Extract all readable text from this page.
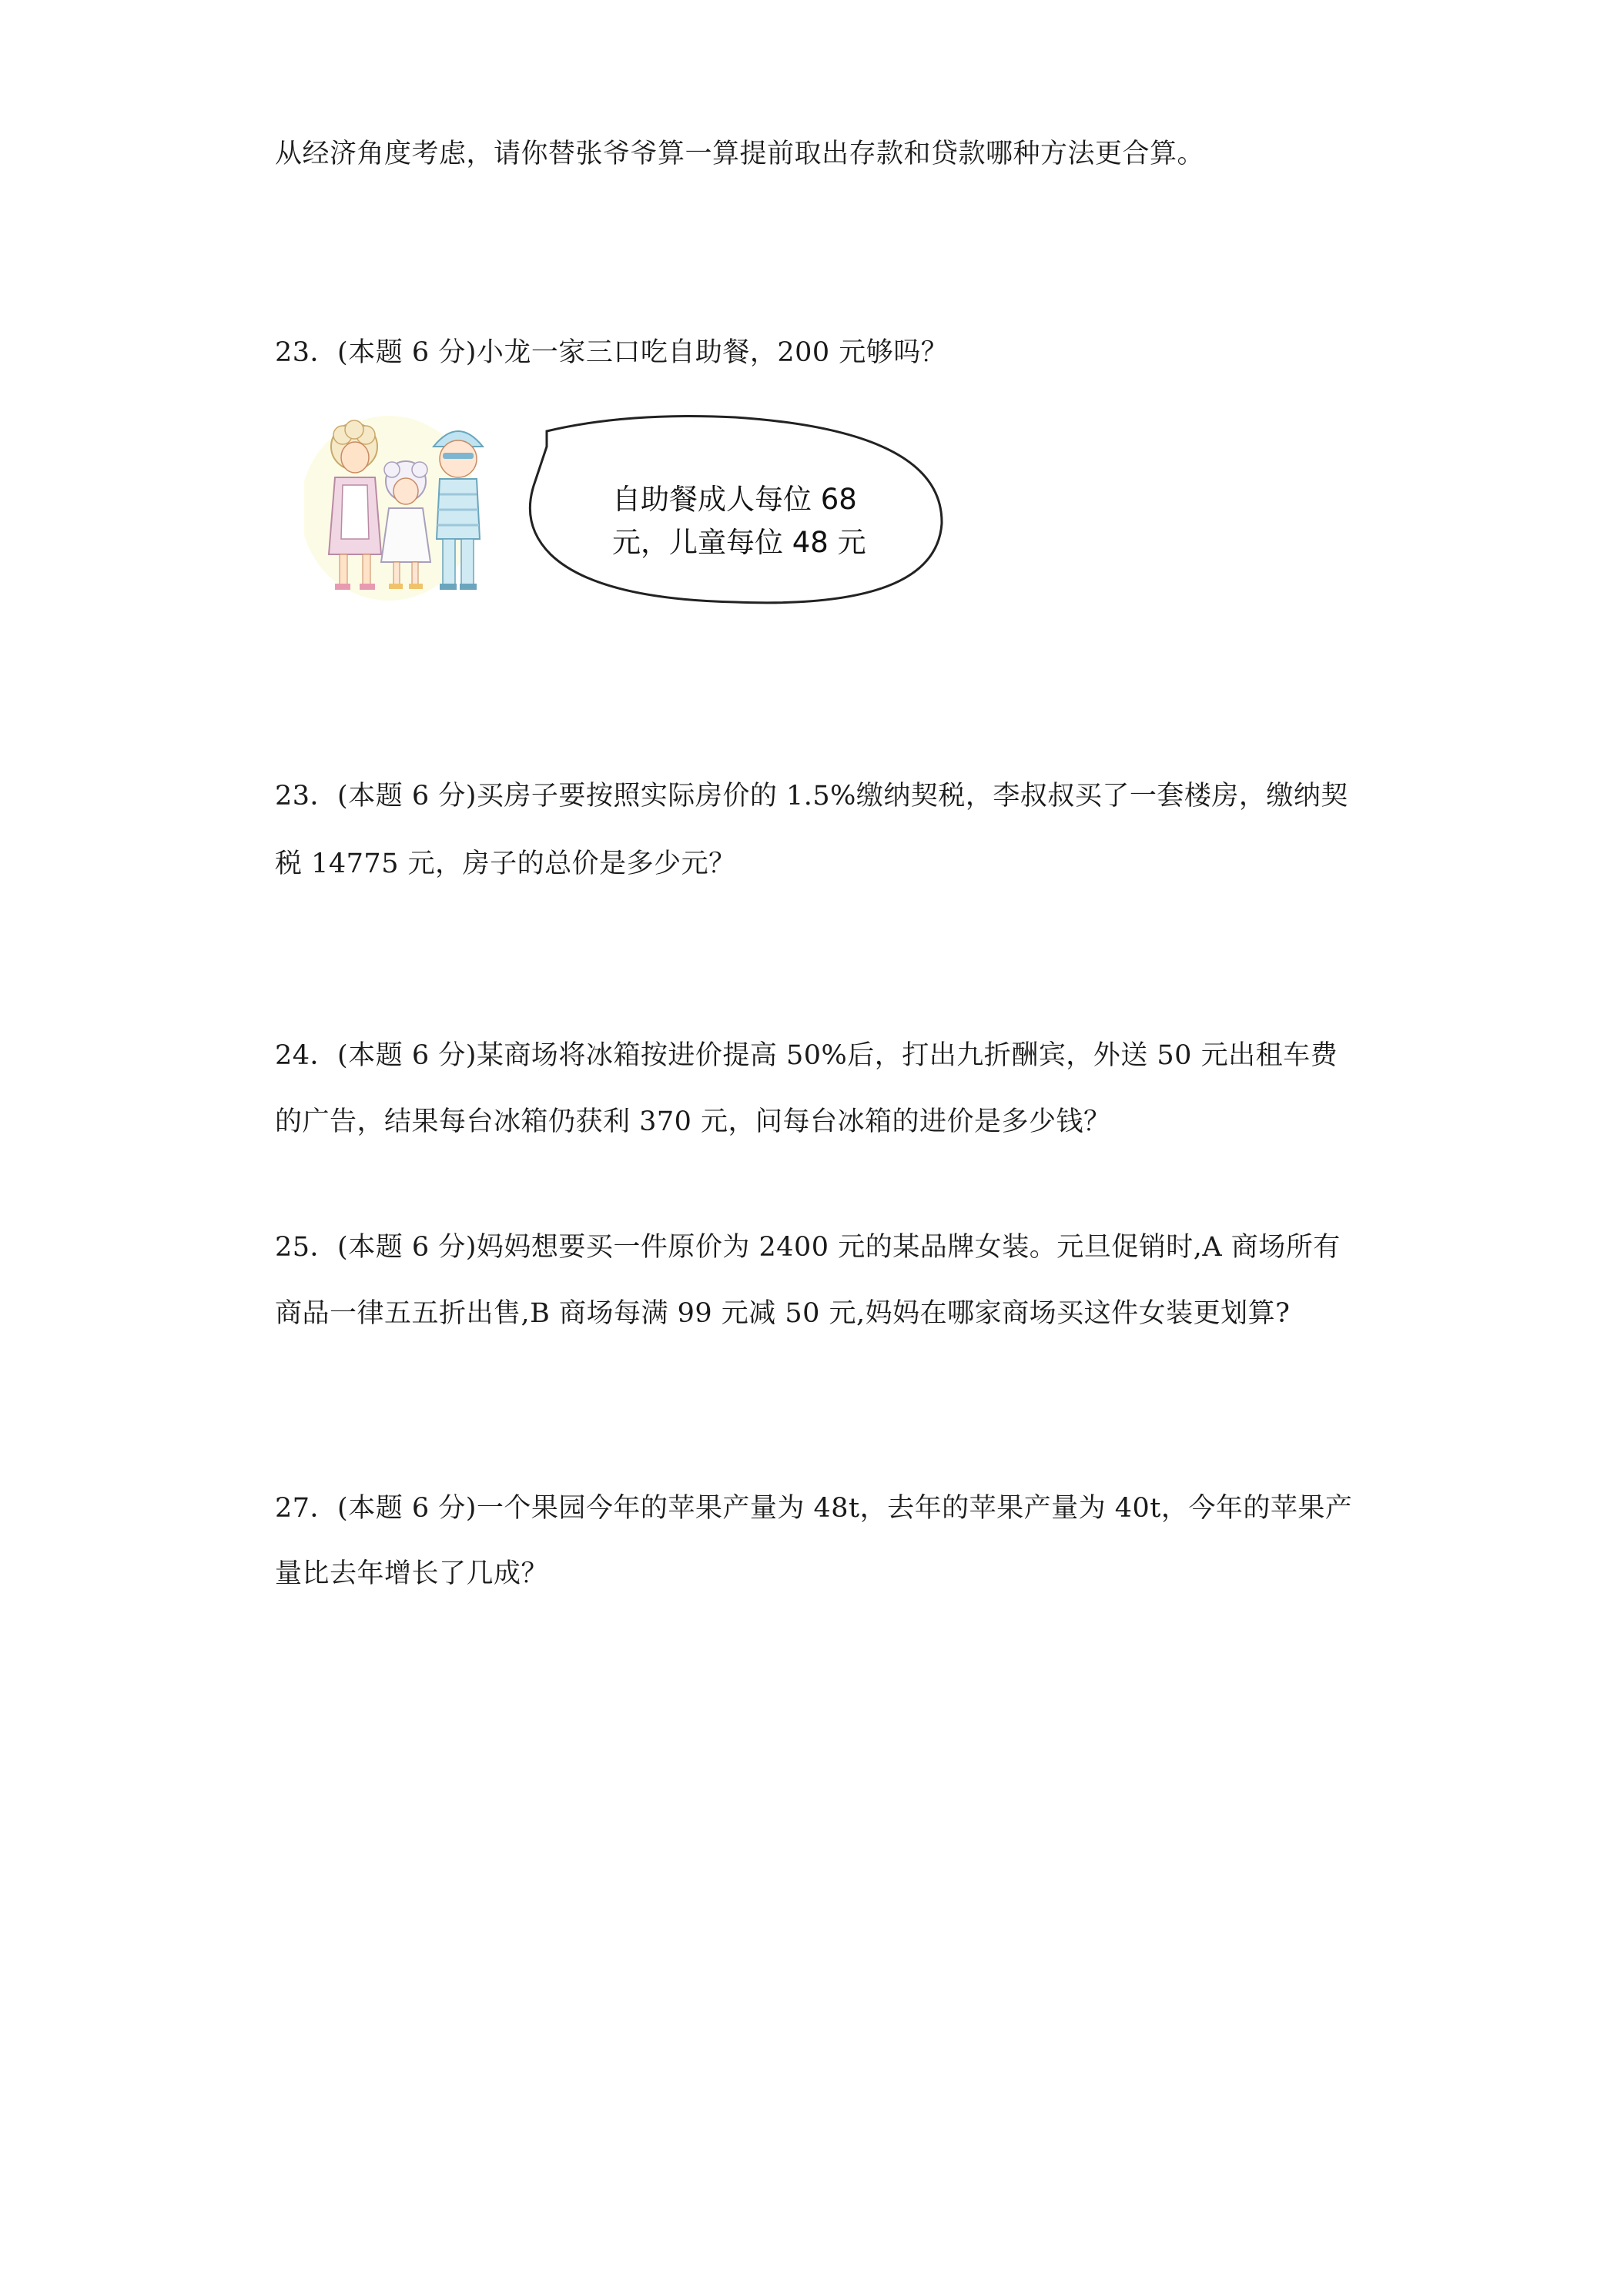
从经济角度考虑，请你替张爷爷算一算提前取出存款和贷款哪种方法更合算。
23．(本题 6 分)小龙一家三口吃自助餐，200 元够吗？
自助餐成人每位 68
元，儿童每位 48 元
23．(本题 6 分)买房子要按照实际房价的 1.5%缴纳契税，李叔叔买了一套楼房，缴纳契
税 14775 元，房子的总价是多少元？
24．(本题 6 分)某商场将冰箱按进价提高 50%后，打出九折酬宾，外送 50 元出租车费
的广告，结果每台冰箱仍获利 370 元，问每台冰箱的进价是多少钱？
25．(本题 6 分)妈妈想要买一件原价为 2400 元的某品牌女装。元旦促销时,A 商场所有
商品一律五五折出售,B 商场每满 99 元减 50 元,妈妈在哪家商场买这件女装更划算?
27．(本题 6 分)一个果园今年的苹果产量为 48t，去年的苹果产量为 40t，今年的苹果产
量比去年增长了几成？
